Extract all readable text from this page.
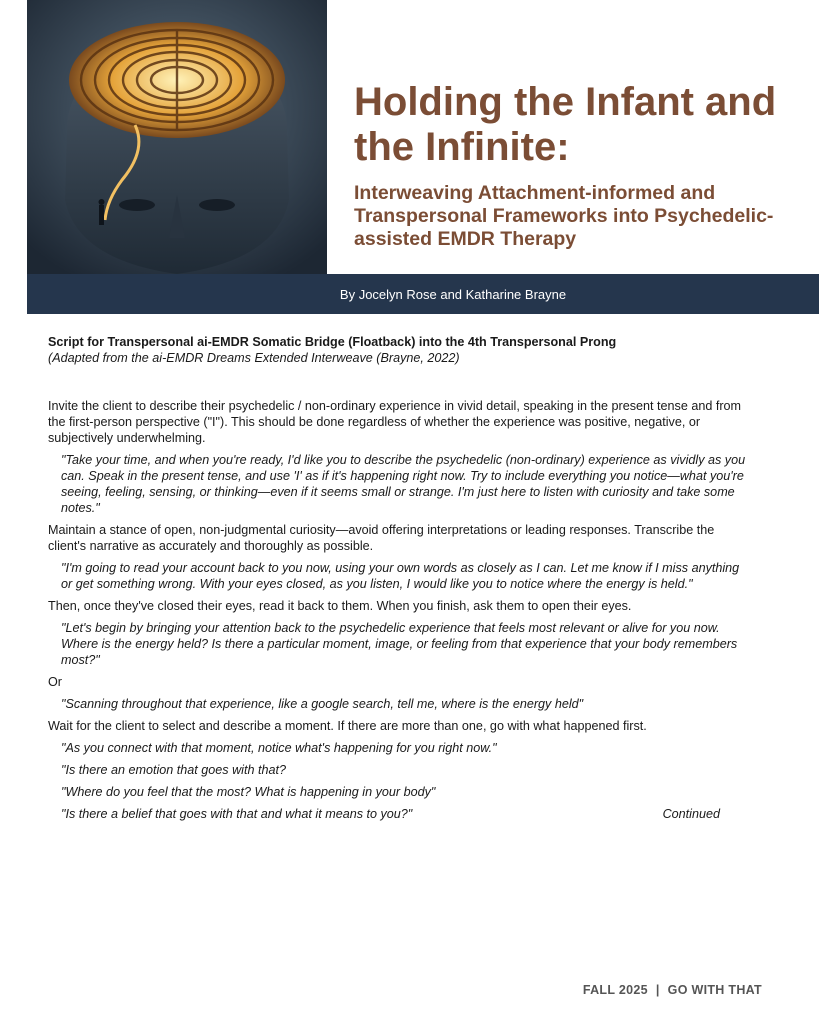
Holding the Infant and the Infinite:
Interweaving Attachment-informed and Transpersonal Frameworks into Psychedelic-assisted EMDR Therapy
By Jocelyn Rose and Katharine Brayne

Script for Transpersonal ai-EMDR Somatic Bridge (Floatback) into the 4th Transpersonal Prong

(Adapted from the ai-EMDR Dreams Extended Interweave (Brayne, 2022)

Invite the client to describe their psychedelic / non-ordinary experience in vivid detail, speaking in the present tense and from the first-person perspective ("I"). This should be done regardless of whether the experience was positive, negative, or subjectively underwhelming.

"Take your time, and when you're ready, I'd like you to describe the psychedelic (non-ordinary) experience as vividly as you can. Speak in the present tense, and use 'I' as if it's happening right now. Try to include everything you notice—what you're seeing, feeling, sensing, or thinking—even if it seems small or strange. I'm just here to listen with curiosity and take some notes."

Maintain a stance of open, non-judgmental curiosity—avoid offering interpretations or leading responses. Transcribe the client's narrative as accurately and thoroughly as possible.

"I'm going to read your account back to you now, using your own words as closely as I can. Let me know if I miss anything or get something wrong. With your eyes closed, as you listen, I would like you to notice where the energy is held."

Then, once they've closed their eyes, read it back to them. When you finish, ask them to open their eyes.

"Let's begin by bringing your attention back to the psychedelic experience that feels most relevant or alive for you now. Where is the energy held? Is there a particular moment, image, or feeling from that experience that your body remembers most?"

Or

"Scanning throughout that experience, like a google search, tell me, where is the energy held"

Wait for the client to select and describe a moment. If there are more than one, go with what happened first.

"As you connect with that moment, notice what's happening for you right now."

"Is there an emotion that goes with that?

"Where do you feel that the most? What is happening in your body"

"Is there a belief that goes with that and what it means to you?"	Continued
FALL 2025 | GO WITH THAT
